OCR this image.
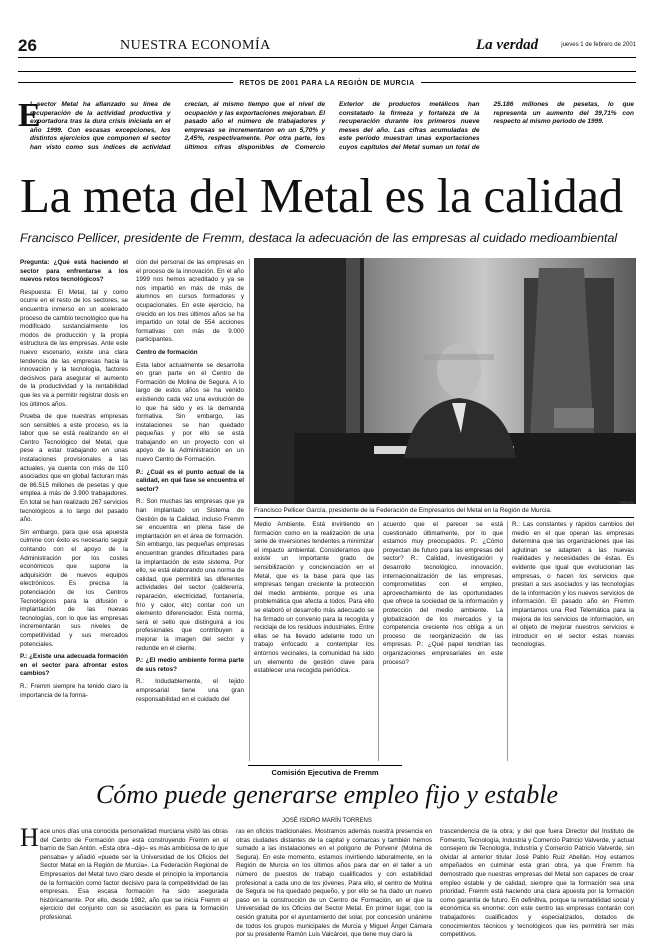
26	NUESTRA ECONOMÍA	La verdad	jueves 1 de febrero de 2001
RETOS DE 2001 PARA LA REGIÓN DE MURCIA
E
l sector Metal ha afianzado su línea de recuperación de la actividad productiva y exportadora tras la dura crisis iniciada en el año 1999. Con escasas excepciones, los distintos ejercicios que componen el sector han visto como sus índices de actividad crecían, al mismo tiempo que el nivel de ocupación y las exportaciones mejoraban. El pasado año el número de trabajadores y empresas se incrementaron en un 5,70% y 2,45%, respectivamente. Por otra parte, los últimos cifras disponibles de Comercio Exterior de productos metálicos han constatado la firmeza y fortaleza de la recuperación durante los primeros nueve meses del año. Las cifras acumuladas de este período muestran unas exportaciones cuyos capítulos del Metal suman un total de 25.186 millones de pesetas, lo que representa un aumento del 39,71% con respecto al mismo período de 1999.
La meta del Metal es la calidad
Francisco Pellicer, presidente de Fremm, destaca la adecuación de las empresas al cuidado medioambiental

Pregunta: ¿Qué está haciendo el sector para enfrentarse a los nuevos retos tecnológicos?

Respuesta: El Metal, tal y como ocurre en el resto de los sectores, se encuentra inmerso en un acelerado proceso de cambio tecnológico que ha modificado sustancialmente los modos de producción y la propia estructura de las empresas. Ante este nuevo escenario, existe una clara tendencia de las empresas hacia la innovación y la tecnología, factores decisivos para asegurar el aumento de la productividad y la rentabilidad que les va a permitir registrar dosis en los últimos años.

Prueba de que nuestras empresas son sensibles a este proceso, es la labor que se está realizando en el Centro Tecnológico del Metal, que pese a estar trabajando en unas instalaciones provisionales a las actuales, ya cuenta con más de 110 asociados que en global facturan más de 86.515 millones de pesetas y que emplea a más de 3.900 trabajadores. En total se han realizado 267 servicios tecnológicos a lo largo del pasado año.

Sin embargo, para que esa apuesta culmine con éxito es necesario seguir contando con el apoyo de la Administración por los costes económicos que supone la adquisición de nuevos equipos electrónicos. Es precisa la potenciación de los Centros Tecnológicos para la difusión e implantación de las nuevas tecnologías, con lo que las empresas incrementarán sus niveles de competitividad y sus mercados potenciales.

P.: ¿Existe una adecuada formación en el sector para afrontar estos cambios?

R.: Fremm siempre ha tenido claro la importancia de la forma-

ción del personal de las empresas en el proceso de la innovación. En el año 1999 nos hemos acreditado y ya se nos impartió en más de más de alumnos en cursos formadores y ocupacionales. En este ejercicio, ha crecido en los tres últimos años se ha impartido un total de 554 acciones formativas con más de 9.000 participantes.

Centro de formación

Esta labor actualmente se desarrolla en gran parte en el Centro de Formación de Molina de Segura. A lo largo de estos años se ha venido existiendo cada vez una evolución de lo que ha sido y es la demanda formativa. Sin embargo, las instalaciones se han quedado pequeñas y por ello se está trabajando en un proyecto con el apoyo de la Administración en un nuevo Centro de Formación.

P.: ¿Cuál es el punto actual de la calidad, en qué fase se encuentra el sector?

R.: Son muchas las empresas que ya han implantado un Sistema de Gestión de la Calidad, incluso Fremm se encuentra en plena fase de implantación en el área de formación. Sin embargo, las pequeñas empresas encuentran grandes dificultades para la implantación de este sistema. Por ello, se está elaborando una norma de calidad, que permitirá las diferentes actividades del sector (calderería, reparación, electricidad, fontanería, frío y calor, etc) contar con un elemento diferenciador. Esta norma, será el sello que distinguirá a los profesionales que contribuyen a mejorar la imagen del sector y redunde en el cliente.

P.: ¿El medio ambiente forma parte de sus retos?

R.: Indudablemente, el tejido empresarial tiene una gran responsabilidad en el cuidado del

FREMM
Francisco Pellicer García, presidente de la Federación de Empresarios del Metal en la Región de Murcia.
Medio Ambiente. Está invirtiendo en formación como en la realización de una serie de inversiones tendentes a minimizar el impacto ambiental. Consideramos que existe un importante grado de sensibilización y concienciación en el Metal, que es la base para que las empresas tengan creciente la protección del medio ambiente, porque es una problemática que afecta a todos. Para ello se elaboró el desarrollo más adecuado se ha firmado un convenio para la recogida y reciclaje de los residuos industriales. Entre ellas se ha llevado adelante todo un trabajo enfocado a contemplar los entornos vecinales, la comunidad ha sido un elemento de gestión clave para establecer una recogida periódica.
acuerdo que el parecer se está cuestionado últimamente, por lo que estamos muy preocupados. P.: ¿Cómo proyectan de futuro para las empresas del sector? R.: Calidad, investigación y desarrollo tecnológico, innovación, internacionalización de las empresas, comprometidas con el empleo, aprovechamiento de las oportunidades que ofrece la sociedad de la información y protección del medio ambiente. La globalización de los mercados y la competencia creciente nos obliga a un proceso de reorganización de las empresas. P.: ¿Qué papel tendrían las organizaciones empresariales en este proceso?
R.: Las constantes y rápidos cambios del medio en el que operan las empresas determina que las organizaciones que las aglutinan se adapten a las nuevas realidades y necesidades de éstas. Es evidente que igual que evolucionan las empresas, o hacen los servicios que prestan a sus asociados y las tecnologías de la información y los nuevos servicios de información. El pasado año en Fremm implantamos una Red Telemática para la mejora de los servicios de información, en el objeto de mejorar nuestros servicios e introducir en el sector estas nuevas tecnologías.
Comisión Ejecutiva de Fremm
Cómo puede generarse empleo fijo y estable
JOSÉ ISIDRO MARÍN TORRENS
H ace unos días una conocida personalidad murciana visitó las obras del Centro de Formación que está construyendo Fremm en el barrio de San Antón. «Esta obra –dijo– es más ambiciosa de lo que pensaba» y añadió «puede ser la Universidad de los Oficios del Sector Metal en la Región de Murcia». La Federación Regional de Empresarios del Metal tuvo claro desde el principio la importancia de la formación como factor decisivo para la competitividad de las empresas. Esa escasa formación ha sido asegurada históricamente. Por ello, desde 1982, año que se inicia Fremm el ejercicio del conjunto con su asociación es para la formación profesional.
ras en oficios tradicionales. Mostramos además nuestra presencia en otras ciudades distantes de la capital y comarcas y también hemos sumado a las instalaciones en el polígono de Porvenir (Molina de Segura). En este momento, estamos invirtiendo laboralmente, en la Región de Murcia en los últimos años para dar en el taller a un número de puestos de trabajo cualificados y con estabilidad profesional a cada uno de los jóvenes. Para ello, el centro de Molina de Segura se ha quedado pequeño, y por ello se ha dado un nuevo paso en la construcción de un Centro de Formación, en el que la Universidad de los Oficios del Sector Metal. En primer lugar, con la cesión gratuita por el ayuntamiento del solar, por concesión unánime de todos los grupos municipales de Murcia y Miguel Ángel Cámara por su presidente Ramón Luis Valcárcel, que tiene muy claro la
trascendencia de la obra; y del que fuera Director del Instituto de Fomento, Tecnología, Industria y Comercio Patricio Valverde, y actual consejero de Tecnología, Industria y Comercio Patricio Valverde, sin olvidar al anterior titular José Pablo Ruiz Abellán. Hoy estamos empeñados en culminar esta gran obra, ya que Fremm ha demostrado que nuestras empresas del Metal son capaces de crear empleo estable y de calidad, siempre que la formación sea una prioridad. Fremm está haciendo una clara apuesta por la formación como garantía de futuro. En definitiva, porque la rentabilidad social y económica es enorme: con este centro las empresas contarán con trabajadores cualificados y especializados, dotados de conocimientos técnicos y tecnológicos que les permitirá ser más competitivos.
